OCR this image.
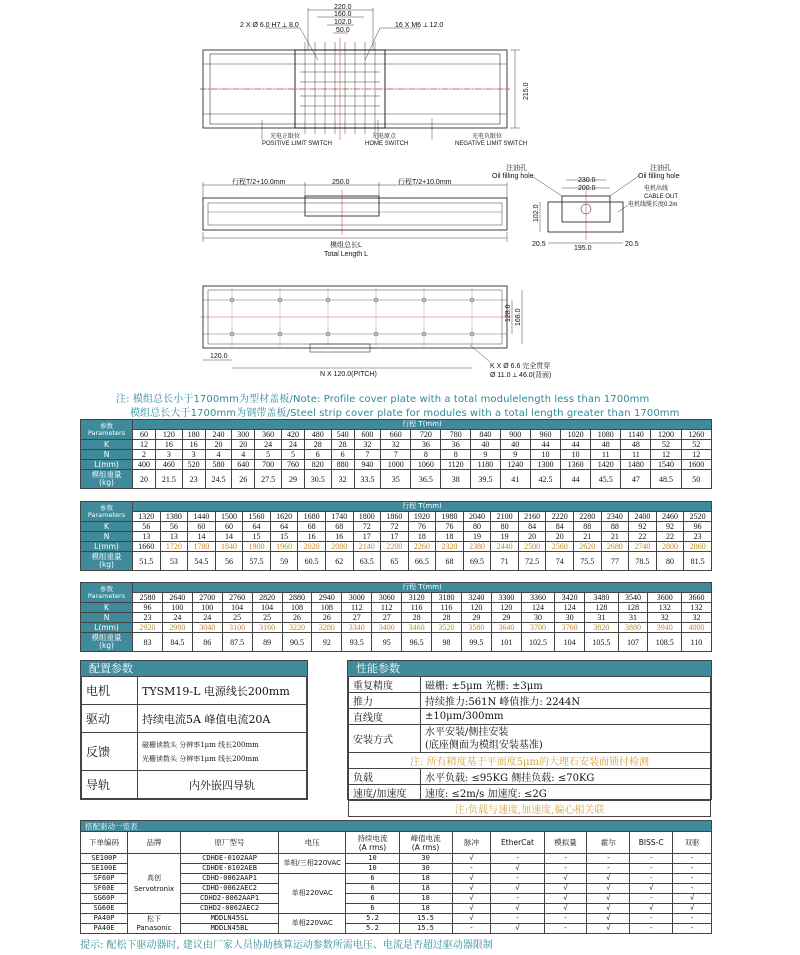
220.0
160.0
102.0
50.0
2 X Ø 6.0 H7 ⟂ 8.0	16 X M6 ⟂ 12.0
215.0
光电正限位
POSITIVE LIMIT SWITCH
光电原点
HOME SWITCH
光电负限位
NEGATIVE LIMIT SWITCH
行程T/2+10.0mm	250.0	行程T/2+10.0mm
模组总长L
Total Length L
注油孔
Oil filling hole
注油孔
Oil filling hole
230.0
200.0	电机出线
CABLE OUT
电机线缆长度0.2m
102.0
20.5
195.0
20.5
128.0 168.0
120.0
N X 120.0(PITCH)
K X Ø 6.6 完全贯穿
Ø 11.0 ⟂ 46.0(背面)
注: 模组总长小于1700mm为型材盖板/Note: Profile cover plate with a total modulelength less than 1700mm
模组总长大于1700mm为钢带盖板/Steel strip cover plate for modules with a total length greater than 1700mm
参数
Parameters	行程 T(mm)																				
	60	120	180	240	300	360	420	480	540	600	660	720	780	840	900	960	1020	1080	1140	1200	1260
K	12	16	16	20	20	24	24	28	28	32	32	36	36	40	40	44	44	48	48	52	52
N	2	3	3	4	4	5	5	6	6	7	7	8	8	9	9	10	10	11	11	12	12
L(mm)	400	460	520	580	640	700	760	820	880	940	1000	1060	1120	1180	1240	1300	1360	1420	1480	1540	1600
模组重量
(kg)	20	21.5	23	24.5	26	27.5	29	30.5	32	33.5	35	36.5	38	39.5	41	42.5	44	45.5	47	48.5	50
参数
Parameters	行程 T(mm)																				
	1320	1380	1440	1500	1560	1620	1680	1740	1800	1860	1920	1980	2040	2100	2160	2220	2280	2340	2400	2460	2520
K	56	56	60	60	64	64	68	68	72	72	76	76	80	80	84	84	88	88	92	92	96
N	13	13	14	14	15	15	16	16	17	17	18	18	19	19	20	20	21	21	22	22	23
L(mm)	1660	1720	1780	1840	1900	1960	2020	2080	2140	2200	2260	2320	2380	2440	2500	2560	2620	2680	2740	2800	2860
模组重量
(kg)	51.5	53	54.5	56	57.5	59	60.5	62	63.5	65	66.5	68	69.5	71	72.5	74	75.5	77	78.5	80	81.5
参数
Parameters	行程 T(mm)																		
	2580	2640	2700	2760	2820	2880	2940	3000	3060	3120	3180	3240	3300	3360	3420	3480	3540	3600	3660
K	96	100	100	104	104	108	108	112	112	116	116	120	120	124	124	128	128	132	132
N	23	24	24	25	25	26	26	27	27	28	28	29	29	30	30	31	31	32	32
L(mm)	2920	2980	3040	3100	3160	3220	3280	3340	3400	3460	3520	3580	3640	3700	3760	3820	3880	3940	4000
模组重量
(kg)	83	84.5	86	87.5	89	90.5	92	93.5	95	96.5	98	99.5	101	102.5	104	105.5	107	108.5	110
配置参数
电机	TYSM19-L 电源线长200mm
驱动	持续电流5A 峰值电流20A
反馈	磁栅读数头 分辨率1μm 线长200mm
光栅读数头 分辨率1μm 线长200mm

导轨	内外嵌四导轨
性能参数
重复精度	磁栅: ±5μm 光栅: ±3μm
推力	持续推力:561N 峰值推力: 2244N
直线度	±10μm/300mm
安装方式	水平安装/侧挂安装
(底座侧面为模组安装基准)
注: 所有精度基于平面度5μm的大理石安装面锁付检测	
负载	水平负载: ≤95KG 侧挂负载: ≤70KG
速度/加速度	速度: ≤2m/s 加速度: ≤2G
注:负载与速度,加速度,偏心相关联	
搭配驱动一览表											
下单编码	品牌	原厂型号	电压	持续电流
(A rms)	峰值电流
(A rms)	脉冲	EtherCat	模拟量	霍尔	BISS-C	双驱
SE100P	高创
Servotronix	CDHDE-0102AAP	单相/三相220VAC	10	30	√	-	-	-	-	-
SE100E		CDHDE-0102AEB		10	30	-	√	-	-	-	-
SF60P		CDHD-0062AAP1	单相220VAC	6	18	√	-	√	√	-	-
SF60E		CDHD-0062AEC2		6	18	√	√	√	√	√	-
SG60P		CDHD2-0062AAP1		6	18	√	-	√	√	-	√
SG60E		CDHD2-0062AEC2		6	18	√	√	√	√	√	√
PA40P	松下
Panasonic	MDDLN45SL	单相220VAC	5.2	15.5	√	-	-	√	-	-
PA40E		MDDLN45BL		5.2	15.5	-	√	-	√	-	-
提示: 配松下驱动器时, 建议由厂家人员协助核算运动参数所需电压、电流是否超过驱动器限制
